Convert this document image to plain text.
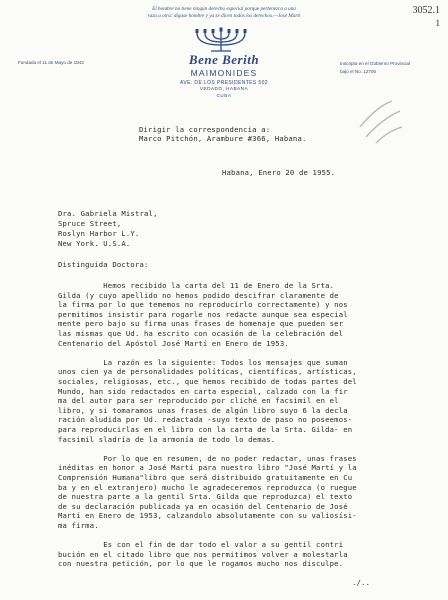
3052.1
1
El hombre no tiene ningún derecho especial porque pertenezca a una
raza u otra: dígase hombre y ya se dicen todos los derechos.—José Martí
Bene Berith
MAIMONIDES
AVE. DE LOS PRESIDENTES 502
VEDADO, HABANA
CUBA
Fundada el 11 de Mayo de 1943	Inscripta en el Gobierno Provincial
bajo el No. 12706
Dirigir la correspondencia a:
Marco Pitchón, Arambure #366, Habana.
Habana, Enero 20 de 1955.
Dra. Gabriela Mistral,
Spruce Street,
Roslyn Harbor L.Y.
New York. U.S.A.
Distinguida Doctora:
Hemos recibido la carta del 11 de Enero de la Srta.
Gilda (y cuyo apellido no hemos podido descifrar claramente de
la firma por lo que tememos no reproducirlo correctamente) y nos
permitimos insistir para rogarle nos redacte aunque sea especial
mente pero bajo su firma unas frases de homenaje que pueden ser
las mismas que Ud. ha escrito con ocasión de la celebración del
Centenario del Apóstol José Martí en Enero de 1953.
La razón es la siguiente: Todos los mensajes que suman
unos cien ya de personalidades políticas, científicas, artísticas,
sociales, religiosas, etc., que hemos recibido de todas partes del
Mundo, han sido redactados en carta especial, calzado con la fir
ma del autor para ser reproducido por cliché en facsimil en el
libro, y si tomaramos unas frases de algún libro suyo 6 la decla
ración aludida por Ud. redactada -suyo texto de paso no poseemos-
para reproducirlas en el libro con la carta de la Srta. Gilda- en
facsimil sladría de la armonía de todo lo demas.
Por lo que en resumen, de no poder redactar, unas frases
inéditas en honor a José Martí para nuestro libro "José Martí y la
Comprensión Humana"libro que será distribuido gratuitamente en Cu
ba y en el extranjero) mucho le agradeceremos reproduzca (o ruegue
de nuestra parte a la gentil Srta. Gilda que reproduzca) el texto
de su declaración publicada ya en ocasión del Centenario de José
Martí en Enero de 1953, calzandolo absolutamente con su valiosísi-
ma firma.
Es con el fin de dar todo el valor a su gentil contri
bución en el citado libro que nos permitimos volver a molestarla
con nuestra petición, por lo que le rogamos mucho nos disculpe.
./..
